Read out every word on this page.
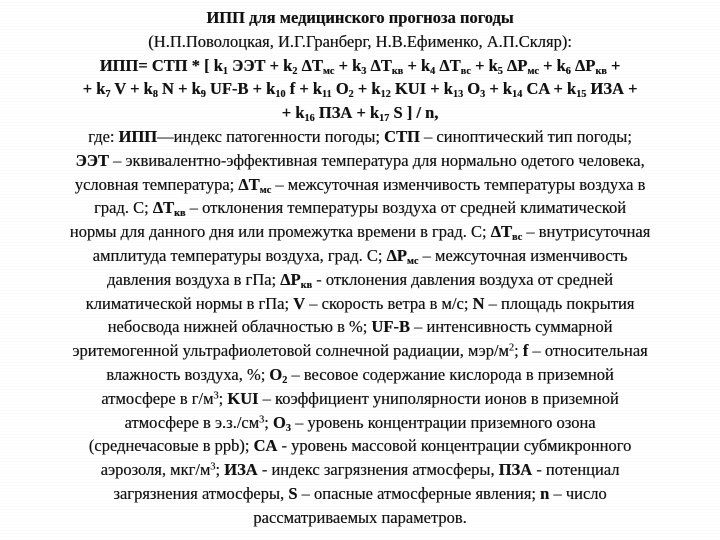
ИПП для медицинского прогноза погоды
(Н.П.Поволоцкая, И.Г.Гранберг, Н.В.Ефименко, А.П.Скляр):
ИПП= СТП * [ $k_1$ ЭЭТ + $k_2$ $\Delta T_{мс} + k_3$ $\Delta T_{кв} + k_4$ $\Delta T_{вс} + k_5$ $\Delta P_{мс} + k_6$ $\Delta P_{кв}$ +
+ $k_7$ $V + k_8$ $N + k_9$ $UF-B + k_{10}$ $f + k_{11}$ $O_2 + k_{12}$ KUI + $k_{13}$ $O_3 + k_{14}$ CA + $k_{15}$ ИЗА +
+ $k_{16}$ ПЗА + $k_{17}$ S ] / n,
где: ИПП—индекс патогенности погоды; СТП – синоптический тип погоды;
ЭЭТ – эквивалентно-эффективная температура для нормально одетого человека,
условная температура; $\Delta T_{мс}$ – межсуточная изменчивость температуры воздуха в
град. С; $\Delta T_{кв}$ – отклонения температуры воздуха от средней климатической
нормы для данного дня или промежутка времени в град. С; $\Delta T_{вс}$ – внутрисуточная
амплитуда температуры воздуха, град. С; $\Delta P_{мс}$ – межсуточная изменчивость
давления воздуха в гПа; $\Delta P_{кв}$ - отклонения давления воздуха от средней
климатической нормы в гПа; V – скорость ветра в м/с; N – площадь покрытия
небосвода нижней облачностью в %; UF-B – интенсивность суммарной
эритемогенной ультрафиолетовой солнечной радиации, мэр/$м^2$; f – относительная
влажность воздуха, %; $O_2$ – весовое содержание кислорода в приземной
атмосфере в $г/м^3$; KUI – коэффициент униполярности ионов в приземной
атмосфере в $э.з./см^3$; $O_3$ – уровень концентрации приземного озона
(среднечасовые в ppb); CA - уровень массовой концентрации субмикронного
аэрозоля, мкг/$м^3$; ИЗА - индекс загрязнения атмосферы, ПЗА - потенциал
загрязнения атмосферы, S – опасные атмосферные явления; n – число
рассматриваемых параметров.
